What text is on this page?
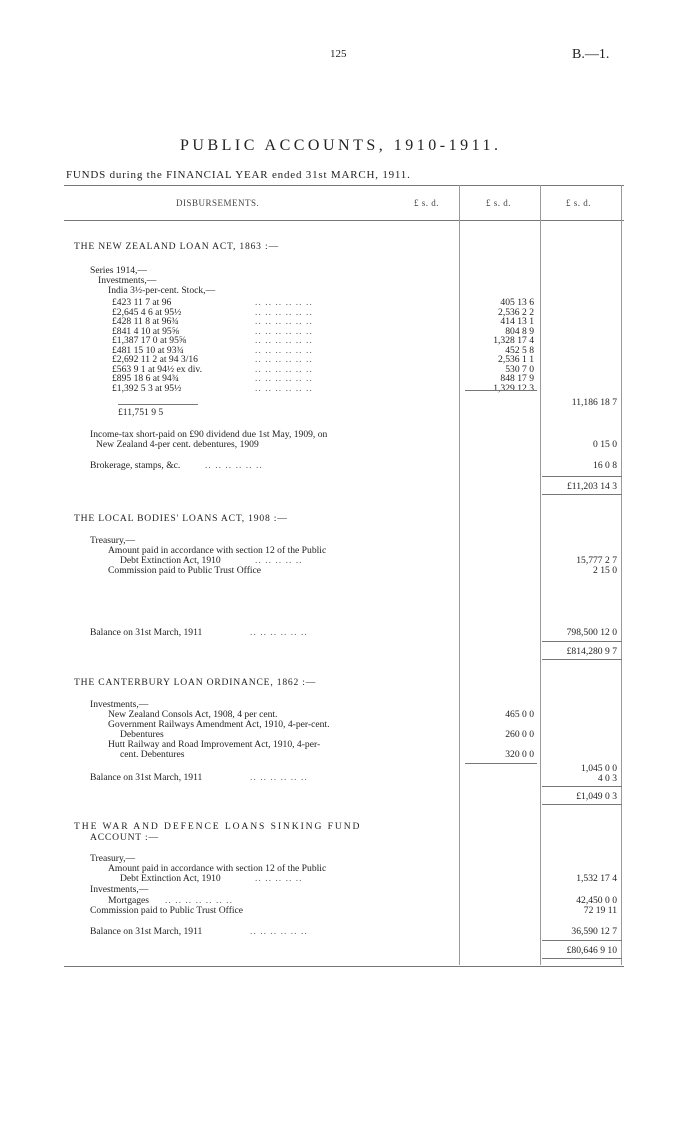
125	B.—1.
PUBLIC ACCOUNTS, 1910-1911.
FUNDS during the FINANCIAL YEAR ended 31st MARCH, 1911.
DISBURSEMENTS.	£ s. d.	£ s. d.	£ s. d.
THE NEW ZEALAND LOAN ACT, 1863 :—
Series 1914,—
Investments,—
India 3½-per-cent. Stock,—
£423 11 7 at 96	.. .. .. .. .. ..	405 13 6
£2,645 4 6 at 95½	.. .. .. .. .. ..	2,536 2 2
£428 11 8 at 96¾	.. .. .. .. .. ..	414 13 1
£841 4 10 at 95⅝	.. .. .. .. .. ..	804 8 9
£1,387 17 0 at 95⅝	.. .. .. .. .. ..	1,328 17 4
£481 15 10 at 93¾	.. .. .. .. .. ..	452 5 8
£2,692 11 2 at 94 3/16	.. .. .. .. .. ..	2,536 1 1
£563 9 1 at 94½ ex div.	.. .. .. .. .. ..	530 7 0
£895 18 6 at 94¾	.. .. .. .. .. ..	848 17 9
£1,392 5 3 at 95½	.. .. .. .. .. ..	1,329 12 3
£11,751 9 5
11,186 18 7
Income-tax short-paid on £90 dividend due 1st May, 1909, on
New Zealand 4-per cent. debentures, 1909	0 15 0
Brokerage, stamps, &c.	.. .. .. .. .. ..	16 0 8
£11,203 14 3
THE LOCAL BODIES' LOANS ACT, 1908 :—
Treasury,—
Amount paid in accordance with section 12 of the Public
Debt Extinction Act, 1910	.. .. .. .. ..	15,777 2 7
Commission paid to Public Trust Office	2 15 0
Balance on 31st March, 1911	.. .. .. .. .. ..	798,500 12 0
£814,280 9 7
THE CANTERBURY LOAN ORDINANCE, 1862 :—
Investments,—
New Zealand Consols Act, 1908, 4 per cent.	465 0 0
Government Railways Amendment Act, 1910, 4-per-cent.
Debentures	260 0 0
Hutt Railway and Road Improvement Act, 1910, 4-per-
cent. Debentures	320 0 0
1,045 0 0
Balance on 31st March, 1911	.. .. .. .. .. ..	4 0 3
£1,049 0 3
THE WAR AND DEFENCE LOANS SINKING FUND
ACCOUNT :—
Treasury,—
Amount paid in accordance with section 12 of the Public
Debt Extinction Act, 1910	.. .. .. .. ..	1,532 17 4
Investments,—
Mortgages .. .. .. .. .. .. ..	42,450 0 0
Commission paid to Public Trust Office	72 19 11
Balance on 31st March, 1911	.. .. .. .. .. ..	36,590 12 7
£80,646 9 10
